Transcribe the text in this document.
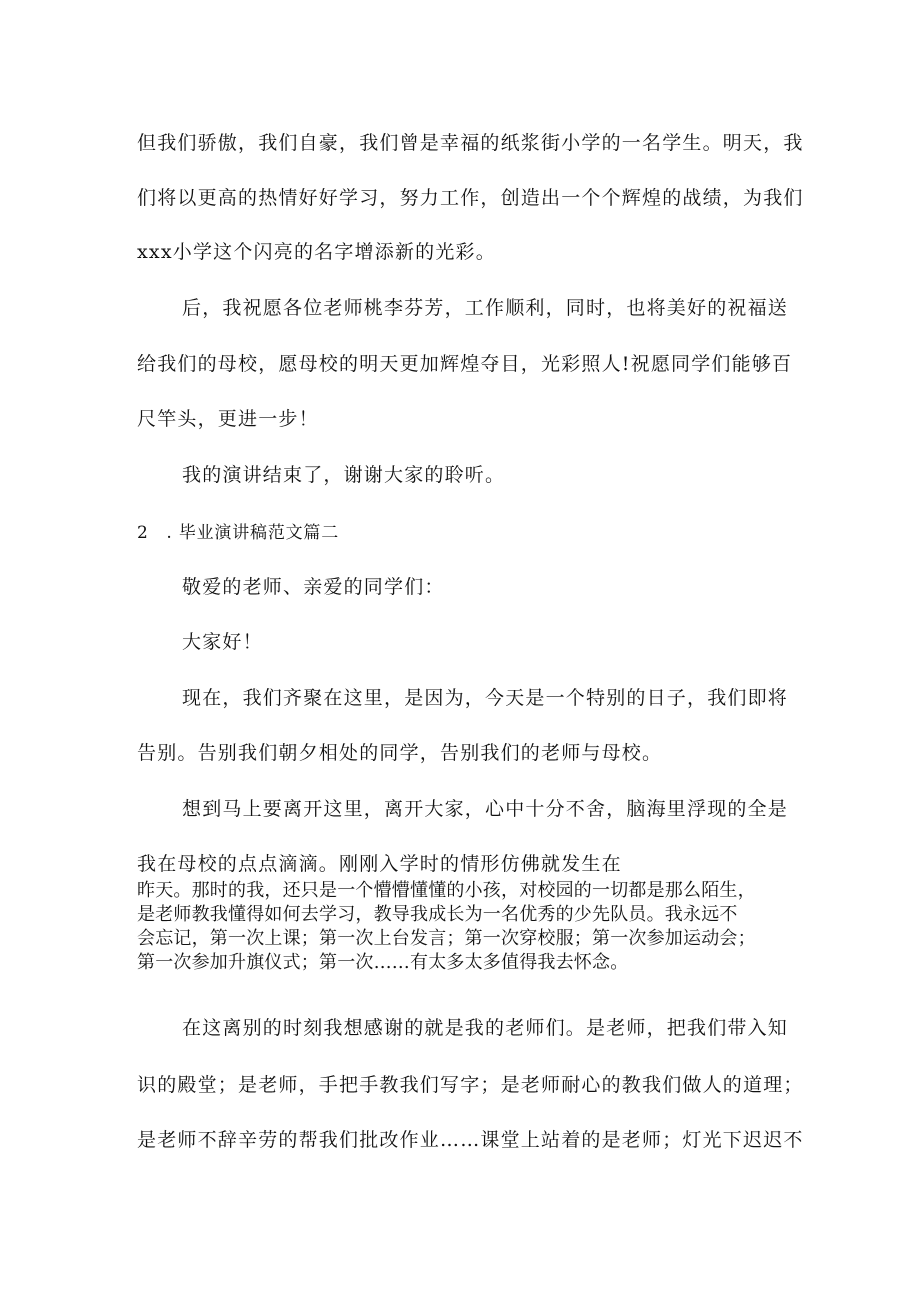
但我们骄傲，我们自豪，我们曾是幸福的纸浆街小学的一名学生。明天，我
们将以更高的热情好好学习，努力工作，创造出一个个辉煌的战绩，为我们
xxx小学这个闪亮的名字增添新的光彩。
后，我祝愿各位老师桃李芬芳，工作顺利，同时，也将美好的祝福送
给我们的母校，愿母校的明天更加辉煌夺目，光彩照人!祝愿同学们能够百
尺竿头，更进一步！
我的演讲结束了，谢谢大家的聆听。
2　. 毕业演讲稿范文篇二
敬爱的老师、亲爱的同学们：
大家好！
现在，我们齐聚在这里，是因为，今天是一个特别的日子，我们即将
告别。告别我们朝夕相处的同学，告别我们的老师与母校。
想到马上要离开这里，离开大家，心中十分不舍，脑海里浮现的全是
我在母校的点点滴滴。刚刚入学时的情形仿佛就发生在
昨天。那时的我，还只是一个懵懵懂懂的小孩，对校园的一切都是那么陌生，
是老师教我懂得如何去学习，教导我成长为一名优秀的少先队员。我永远不
会忘记，第一次上课；第一次上台发言；第一次穿校服；第一次参加运动会；
第一次参加升旗仪式；第一次……有太多太多值得我去怀念。
在这离别的时刻我想感谢的就是我的老师们。是老师，把我们带入知
识的殿堂；是老师，手把手教我们写字；是老师耐心的教我们做人的道理；
是老师不辞辛劳的帮我们批改作业……课堂上站着的是老师；灯光下迟迟不
